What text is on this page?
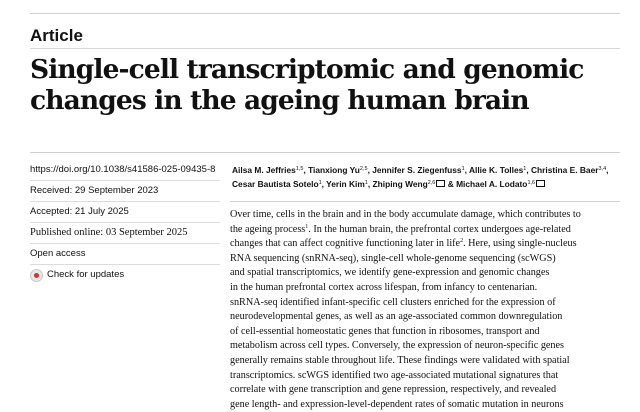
Article
Single-cell transcriptomic and genomic
changes in the ageing human brain
https://doi.org/10.1038/s41586-025-09435-8
Received: 29 September 2023
Accepted: 21 July 2025
Published online: 03 September 2025
Open access
Check for updates
Ailsa M. Jeffries$^{1,5}$, Tianxiong Yu$^{2,5}$, Jennifer S. Ziegenfuss$^1$, Allie K. Tolles$^1$, Christina E. Baer$^{3,4}$,
Cesar Bautista Sotelo$^1$, Yerin Kim$^1$, Zhiping Weng$^{2,6}$ & Michael A. Lodato$^{1,6}$

Over time, cells in the brain and in the body accumulate damage, which contributes to
the ageing process$^1$. In the human brain, the prefrontal cortex undergoes age-related
changes that can affect cognitive functioning later in life$^2$. Here, using single-nucleus
RNA sequencing (snRNA-seq), single-cell whole-genome sequencing (scWGS)
and spatial transcriptomics, we identify gene-expression and genomic changes
in the human prefrontal cortex across lifespan, from infancy to centenarian.
snRNA-seq identified infant-specific cell clusters enriched for the expression of
neurodevelopmental genes, as well as an age-associated common downregulation
of cell-essential homeostatic genes that function in ribosomes, transport and
metabolism across cell types. Conversely, the expression of neuron-specific genes
generally remains stable throughout life. These findings were validated with spatial
transcriptomics. scWGS identified two age-associated mutational signatures that
correlate with gene transcription and gene repression, respectively, and revealed
gene length- and expression-level-dependent rates of somatic mutation in neurons
